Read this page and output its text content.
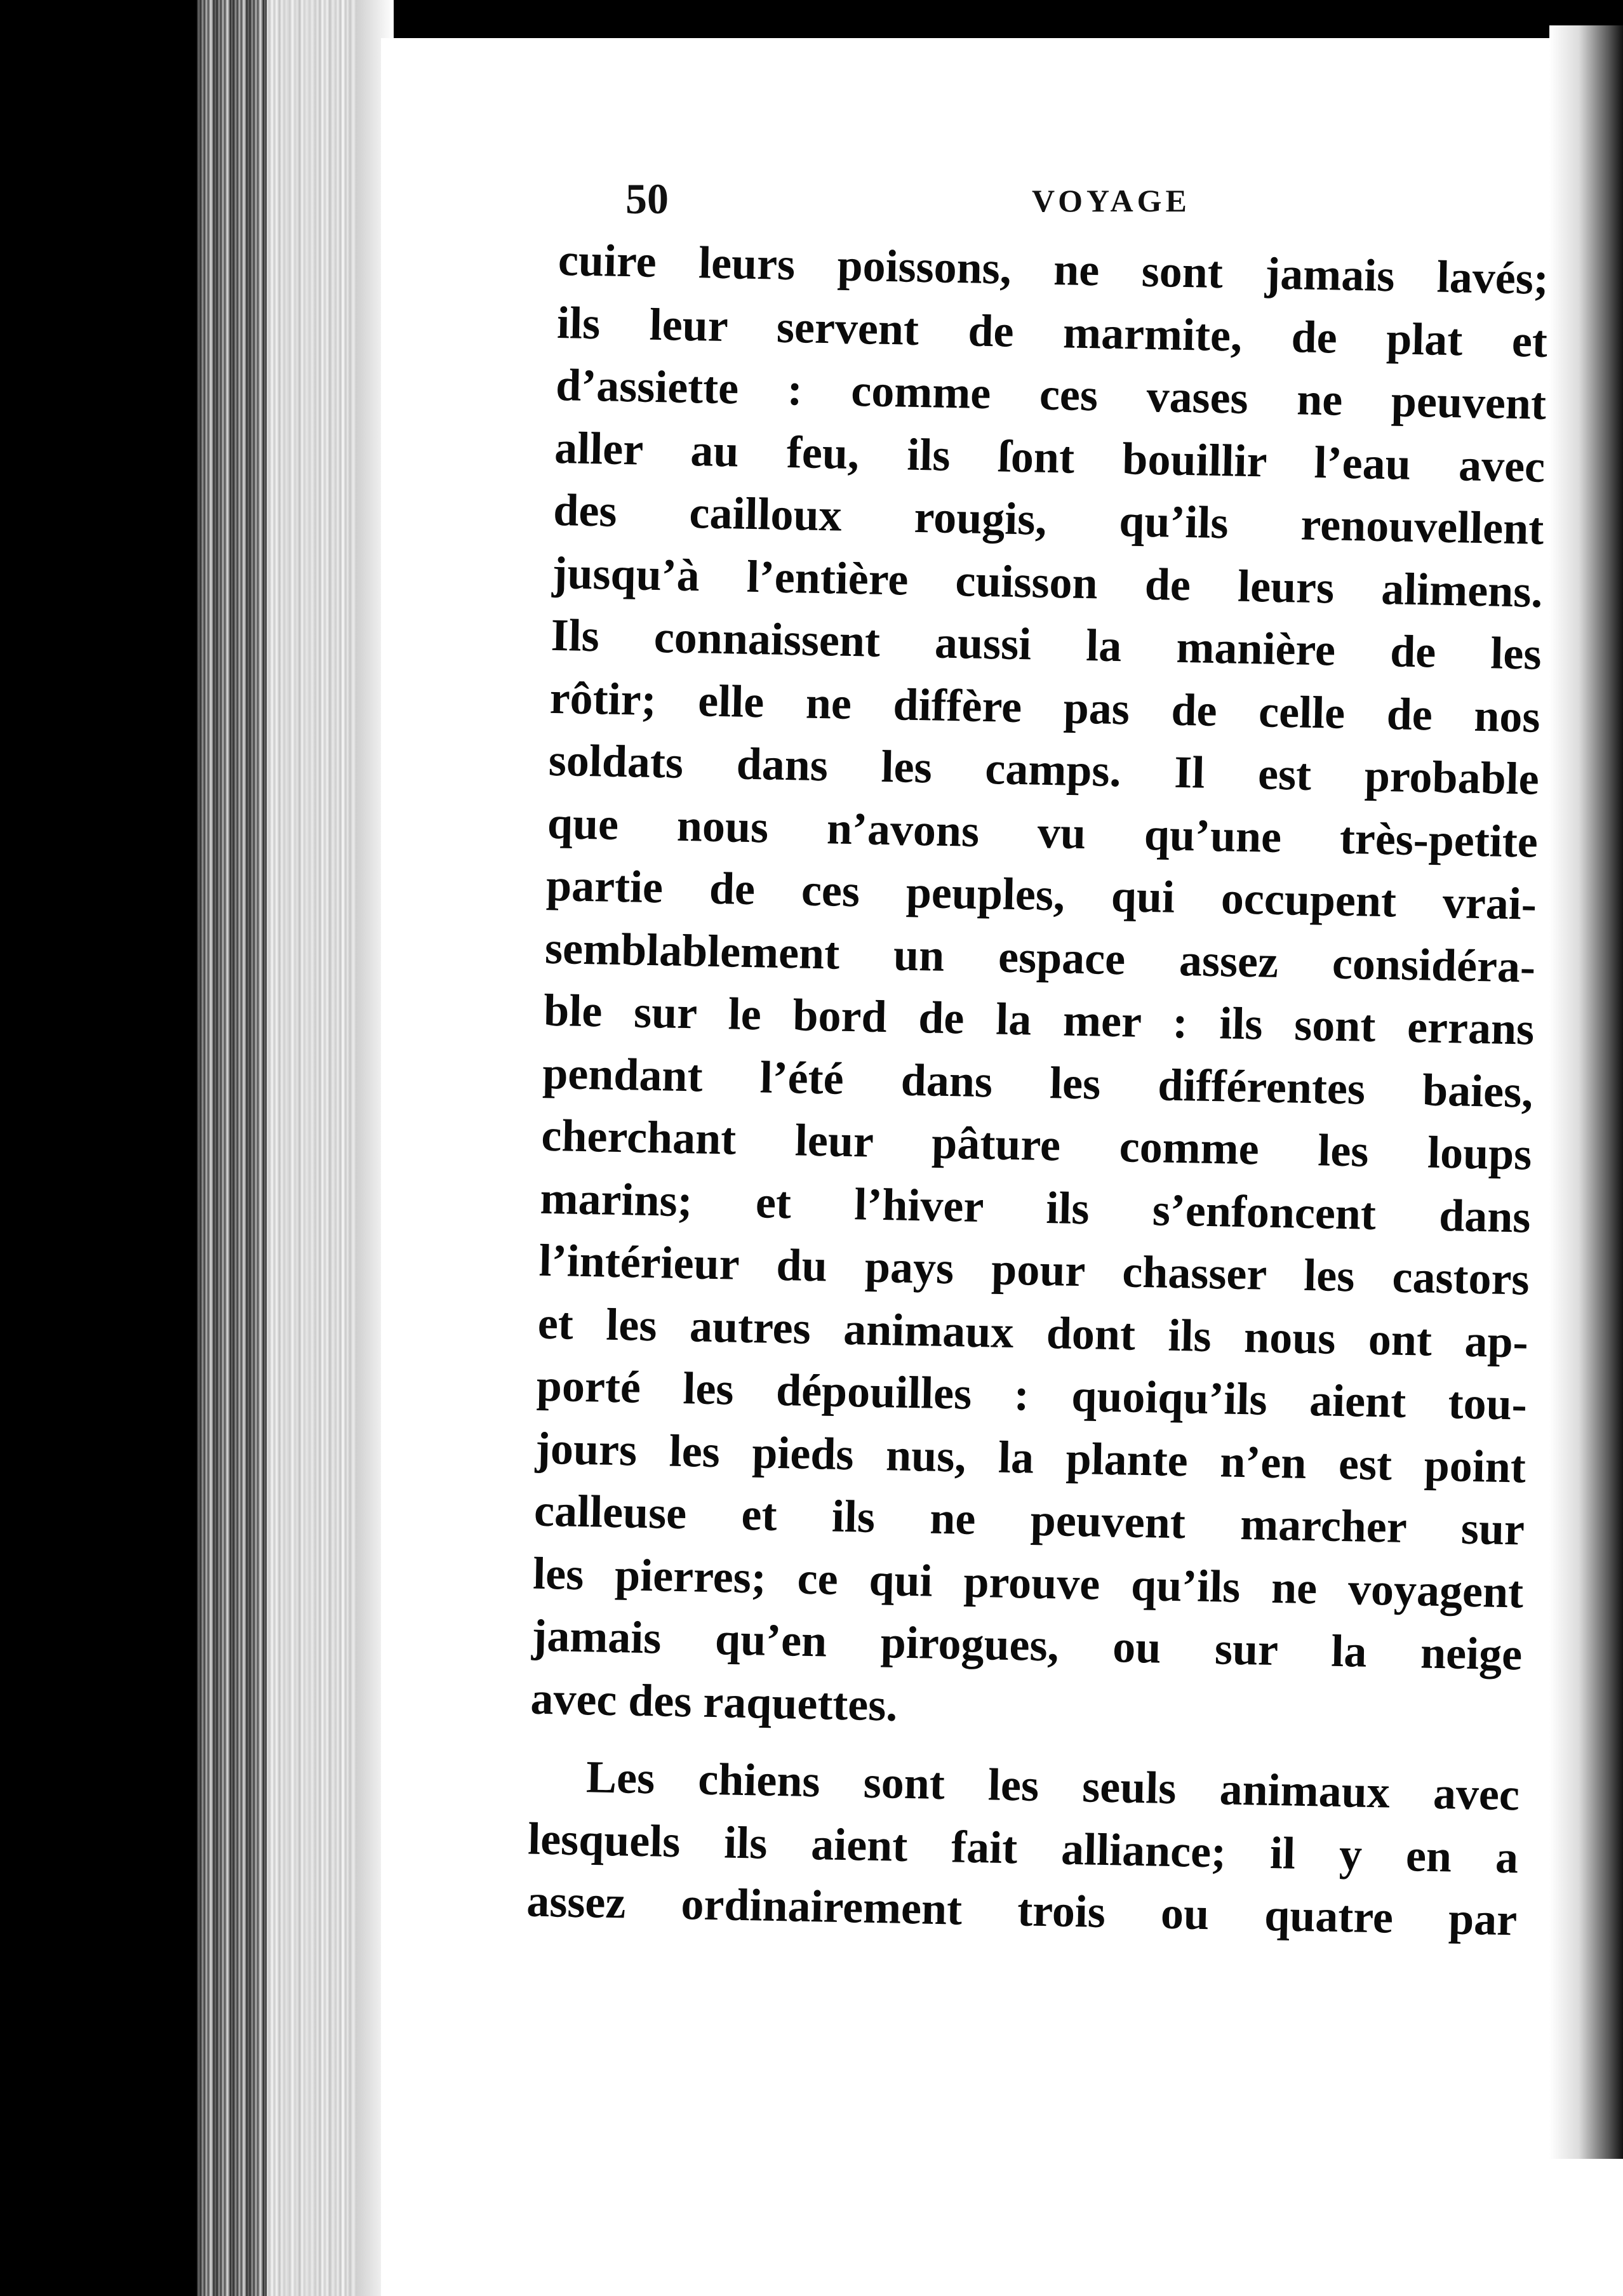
50	VOYAGE
cuire leurs poissons, ne sont jamais lavés;
ils leur servent de marmite, de plat et
d’assiette : comme ces vases ne peuvent
aller au feu, ils ſont bouillir l’eau avec
des cailloux rougis, qu’ils renouvellent
jusqu’à l’entière cuisson de leurs alimens.
Ils connaissent aussi la manière de les
rôtir; elle ne diffère pas de celle de nos
soldats dans les camps. Il est probable
que nous n’avons vu qu’une très-petite
partie de ces peuples, qui occupent vrai-
semblablement un espace assez considéra-
ble sur le bord de la mer : ils sont errans
pendant l’été dans les différentes baies,
cherchant leur pâture comme les loups
marins; et l’hiver ils s’enfoncent dans
l’intérieur du pays pour chasser les castors
et les autres animaux dont ils nous ont ap-
porté les dépouilles : quoiqu’ils aient tou-
jours les pieds nus, la plante n’en est point
calleuse et ils ne peuvent marcher sur
les pierres; ce qui prouve qu’ils ne voyagent
jamais qu’en pirogues, ou sur la neige
avec des raquettes.
Les chiens sont les seuls animaux avec
lesquels ils aient fait alliance; il y en a
assez ordinairement trois ou quatre par
